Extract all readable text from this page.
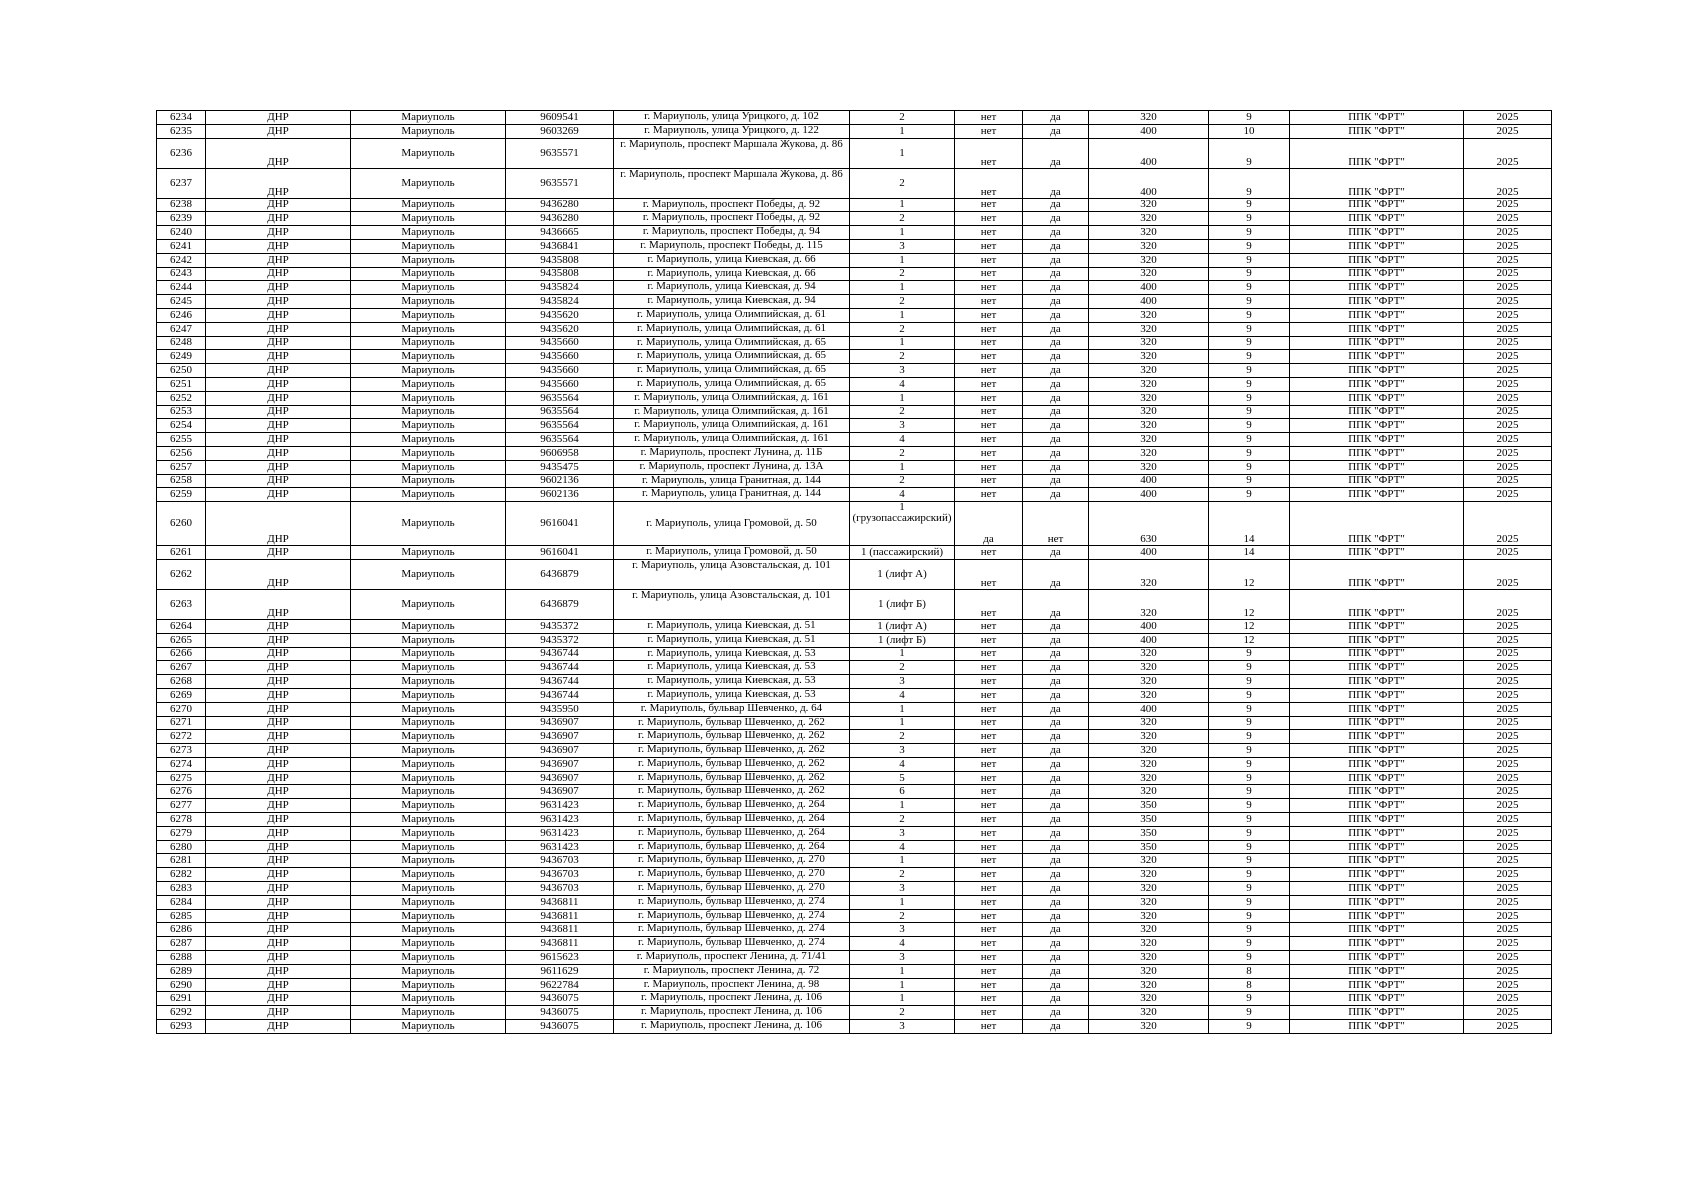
6234	ДНР	Мариуполь	9609541	г. Мариуполь, улица Урицкого, д. 102	2	нет	да	320	9	ППК "ФРТ"	2025
6235	ДНР	Мариуполь	9603269	г. Мариуполь, улица Урицкого, д. 122	1	нет	да	400	10	ППК "ФРТ"	2025
6236	ДНР	Мариуполь	9635571	г. Мариуполь, проспект Маршала Жукова, д. 86	1	нет	да	400	9	ППК "ФРТ"	2025
6237	ДНР	Мариуполь	9635571	г. Мариуполь, проспект Маршала Жукова, д. 86	2	нет	да	400	9	ППК "ФРТ"	2025
6238	ДНР	Мариуполь	9436280	г. Мариуполь, проспект Победы, д. 92	1	нет	да	320	9	ППК "ФРТ"	2025
6239	ДНР	Мариуполь	9436280	г. Мариуполь, проспект Победы, д. 92	2	нет	да	320	9	ППК "ФРТ"	2025
6240	ДНР	Мариуполь	9436665	г. Мариуполь, проспект Победы, д. 94	1	нет	да	320	9	ППК "ФРТ"	2025
6241	ДНР	Мариуполь	9436841	г. Мариуполь, проспект Победы, д. 115	3	нет	да	320	9	ППК "ФРТ"	2025
6242	ДНР	Мариуполь	9435808	г. Мариуполь, улица Киевская, д. 66	1	нет	да	320	9	ППК "ФРТ"	2025
6243	ДНР	Мариуполь	9435808	г. Мариуполь, улица Киевская, д. 66	2	нет	да	320	9	ППК "ФРТ"	2025
6244	ДНР	Мариуполь	9435824	г. Мариуполь, улица Киевская, д. 94	1	нет	да	400	9	ППК "ФРТ"	2025
6245	ДНР	Мариуполь	9435824	г. Мариуполь, улица Киевская, д. 94	2	нет	да	400	9	ППК "ФРТ"	2025
6246	ДНР	Мариуполь	9435620	г. Мариуполь, улица Олимпийская, д. 61	1	нет	да	320	9	ППК "ФРТ"	2025
6247	ДНР	Мариуполь	9435620	г. Мариуполь, улица Олимпийская, д. 61	2	нет	да	320	9	ППК "ФРТ"	2025
6248	ДНР	Мариуполь	9435660	г. Мариуполь, улица Олимпийская, д. 65	1	нет	да	320	9	ППК "ФРТ"	2025
6249	ДНР	Мариуполь	9435660	г. Мариуполь, улица Олимпийская, д. 65	2	нет	да	320	9	ППК "ФРТ"	2025
6250	ДНР	Мариуполь	9435660	г. Мариуполь, улица Олимпийская, д. 65	3	нет	да	320	9	ППК "ФРТ"	2025
6251	ДНР	Мариуполь	9435660	г. Мариуполь, улица Олимпийская, д. 65	4	нет	да	320	9	ППК "ФРТ"	2025
6252	ДНР	Мариуполь	9635564	г. Мариуполь, улица Олимпийская, д. 161	1	нет	да	320	9	ППК "ФРТ"	2025
6253	ДНР	Мариуполь	9635564	г. Мариуполь, улица Олимпийская, д. 161	2	нет	да	320	9	ППК "ФРТ"	2025
6254	ДНР	Мариуполь	9635564	г. Мариуполь, улица Олимпийская, д. 161	3	нет	да	320	9	ППК "ФРТ"	2025
6255	ДНР	Мариуполь	9635564	г. Мариуполь, улица Олимпийская, д. 161	4	нет	да	320	9	ППК "ФРТ"	2025
6256	ДНР	Мариуполь	9606958	г. Мариуполь, проспект Лунина, д. 11Б	2	нет	да	320	9	ППК "ФРТ"	2025
6257	ДНР	Мариуполь	9435475	г. Мариуполь, проспект Лунина, д. 13А	1	нет	да	320	9	ППК "ФРТ"	2025
6258	ДНР	Мариуполь	9602136	г. Мариуполь, улица Гранитная, д. 144	2	нет	да	400	9	ППК "ФРТ"	2025
6259	ДНР	Мариуполь	9602136	г. Мариуполь, улица Гранитная, д. 144	4	нет	да	400	9	ППК "ФРТ"	2025
6260	ДНР	Мариуполь	9616041	г. Мариуполь, улица Громовой, д. 50	1 (грузопассажирский)	да	нет	630	14	ППК "ФРТ"	2025
6261	ДНР	Мариуполь	9616041	г. Мариуполь, улица Громовой, д. 50	1 (пассажирский)	нет	да	400	14	ППК "ФРТ"	2025
6262	ДНР	Мариуполь	6436879	г. Мариуполь, улица Азовстальская, д. 101	1 (лифт А)	нет	да	320	12	ППК "ФРТ"	2025
6263	ДНР	Мариуполь	6436879	г. Мариуполь, улица Азовстальская, д. 101	1 (лифт Б)	нет	да	320	12	ППК "ФРТ"	2025
6264	ДНР	Мариуполь	9435372	г. Мариуполь, улица Киевская, д. 51	1 (лифт А)	нет	да	400	12	ППК "ФРТ"	2025
6265	ДНР	Мариуполь	9435372	г. Мариуполь, улица Киевская, д. 51	1 (лифт Б)	нет	да	400	12	ППК "ФРТ"	2025
6266	ДНР	Мариуполь	9436744	г. Мариуполь, улица Киевская, д. 53	1	нет	да	320	9	ППК "ФРТ"	2025
6267	ДНР	Мариуполь	9436744	г. Мариуполь, улица Киевская, д. 53	2	нет	да	320	9	ППК "ФРТ"	2025
6268	ДНР	Мариуполь	9436744	г. Мариуполь, улица Киевская, д. 53	3	нет	да	320	9	ППК "ФРТ"	2025
6269	ДНР	Мариуполь	9436744	г. Мариуполь, улица Киевская, д. 53	4	нет	да	320	9	ППК "ФРТ"	2025
6270	ДНР	Мариуполь	9435950	г. Мариуполь, бульвар Шевченко, д. 64	1	нет	да	400	9	ППК "ФРТ"	2025
6271	ДНР	Мариуполь	9436907	г. Мариуполь, бульвар Шевченко, д. 262	1	нет	да	320	9	ППК "ФРТ"	2025
6272	ДНР	Мариуполь	9436907	г. Мариуполь, бульвар Шевченко, д. 262	2	нет	да	320	9	ППК "ФРТ"	2025
6273	ДНР	Мариуполь	9436907	г. Мариуполь, бульвар Шевченко, д. 262	3	нет	да	320	9	ППК "ФРТ"	2025
6274	ДНР	Мариуполь	9436907	г. Мариуполь, бульвар Шевченко, д. 262	4	нет	да	320	9	ППК "ФРТ"	2025
6275	ДНР	Мариуполь	9436907	г. Мариуполь, бульвар Шевченко, д. 262	5	нет	да	320	9	ППК "ФРТ"	2025
6276	ДНР	Мариуполь	9436907	г. Мариуполь, бульвар Шевченко, д. 262	6	нет	да	320	9	ППК "ФРТ"	2025
6277	ДНР	Мариуполь	9631423	г. Мариуполь, бульвар Шевченко, д. 264	1	нет	да	350	9	ППК "ФРТ"	2025
6278	ДНР	Мариуполь	9631423	г. Мариуполь, бульвар Шевченко, д. 264	2	нет	да	350	9	ППК "ФРТ"	2025
6279	ДНР	Мариуполь	9631423	г. Мариуполь, бульвар Шевченко, д. 264	3	нет	да	350	9	ППК "ФРТ"	2025
6280	ДНР	Мариуполь	9631423	г. Мариуполь, бульвар Шевченко, д. 264	4	нет	да	350	9	ППК "ФРТ"	2025
6281	ДНР	Мариуполь	9436703	г. Мариуполь, бульвар Шевченко, д. 270	1	нет	да	320	9	ППК "ФРТ"	2025
6282	ДНР	Мариуполь	9436703	г. Мариуполь, бульвар Шевченко, д. 270	2	нет	да	320	9	ППК "ФРТ"	2025
6283	ДНР	Мариуполь	9436703	г. Мариуполь, бульвар Шевченко, д. 270	3	нет	да	320	9	ППК "ФРТ"	2025
6284	ДНР	Мариуполь	9436811	г. Мариуполь, бульвар Шевченко, д. 274	1	нет	да	320	9	ППК "ФРТ"	2025
6285	ДНР	Мариуполь	9436811	г. Мариуполь, бульвар Шевченко, д. 274	2	нет	да	320	9	ППК "ФРТ"	2025
6286	ДНР	Мариуполь	9436811	г. Мариуполь, бульвар Шевченко, д. 274	3	нет	да	320	9	ППК "ФРТ"	2025
6287	ДНР	Мариуполь	9436811	г. Мариуполь, бульвар Шевченко, д. 274	4	нет	да	320	9	ППК "ФРТ"	2025
6288	ДНР	Мариуполь	9615623	г. Мариуполь, проспект Ленина, д. 71/41	3	нет	да	320	9	ППК "ФРТ"	2025
6289	ДНР	Мариуполь	9611629	г. Мариуполь, проспект Ленина, д. 72	1	нет	да	320	8	ППК "ФРТ"	2025
6290	ДНР	Мариуполь	9622784	г. Мариуполь, проспект Ленина, д. 98	1	нет	да	320	8	ППК "ФРТ"	2025
6291	ДНР	Мариуполь	9436075	г. Мариуполь, проспект Ленина, д. 106	1	нет	да	320	9	ППК "ФРТ"	2025
6292	ДНР	Мариуполь	9436075	г. Мариуполь, проспект Ленина, д. 106	2	нет	да	320	9	ППК "ФРТ"	2025
6293	ДНР	Мариуполь	9436075	г. Мариуполь, проспект Ленина, д. 106	3	нет	да	320	9	ППК "ФРТ"	2025
